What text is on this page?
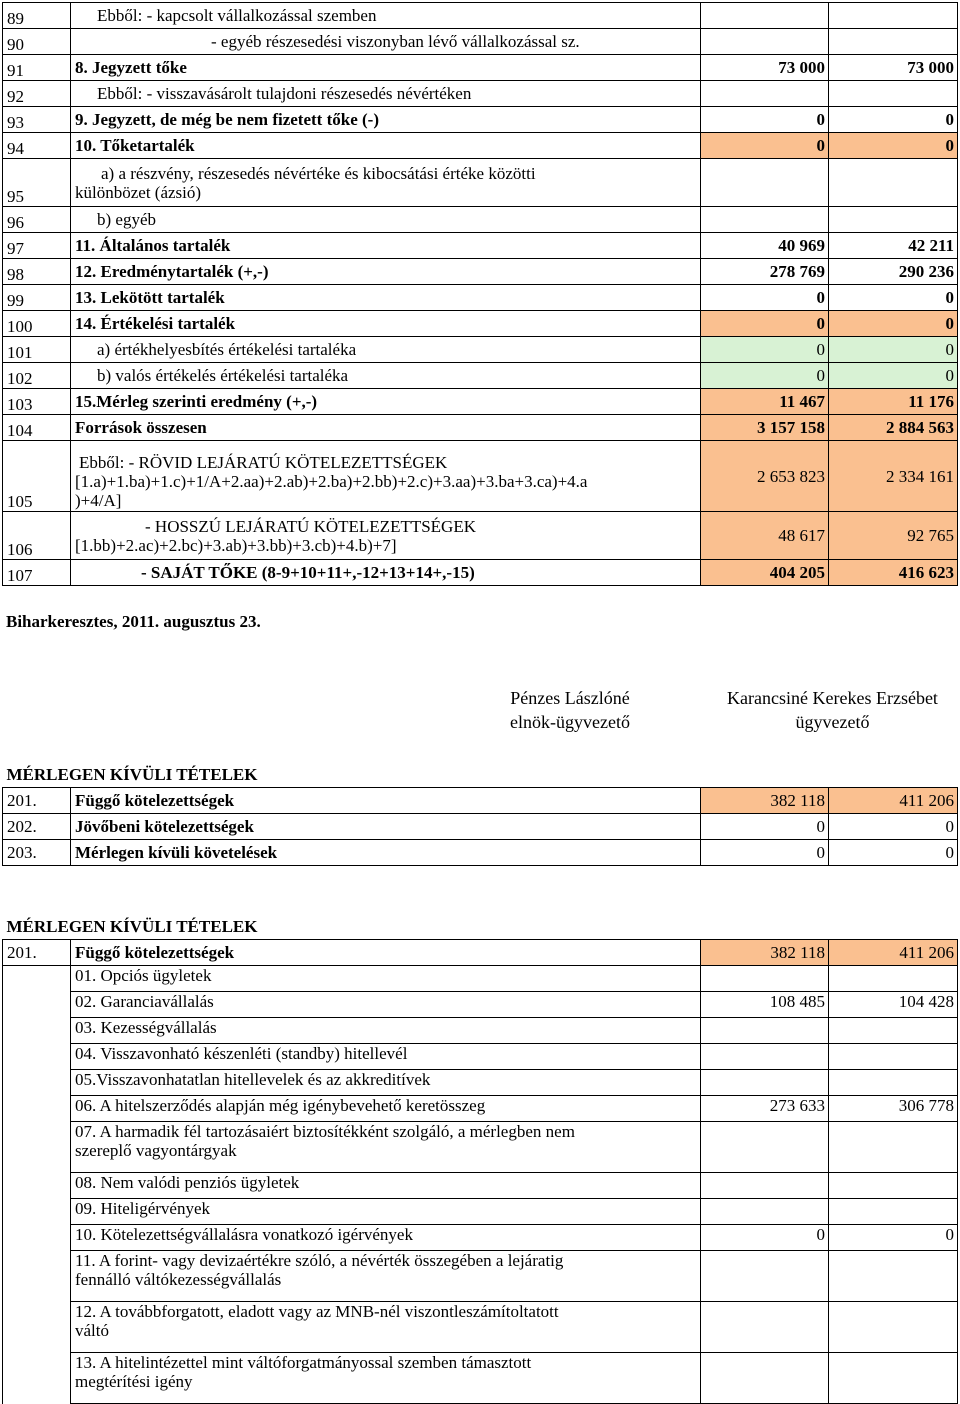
89	Ebből: - kapcsolt vállalkozással szemben		
90	- egyéb részesedési viszonyban lévő vállalkozással sz.		
91	8. Jegyzett tőke	73 000	73 000
92	Ebből: - visszavásárolt tulajdoni részesedés névértéken		
93	9. Jegyzett, de még be nem fizetett tőke (-)	0	0
94	10. Tőketartalék	0	0
95	a) a részvény, részesedés névértéke és kibocsátási értéke közötti
különbözet (ázsió)		

96	b) egyéb		
97	11. Általános tartalék	40 969	42 211
98	12. Eredménytartalék (+,-)	278 769	290 236
99	13. Lekötött tartalék	0	0
100	14. Értékelési tartalék	0	0
101	a) értékhelyesbítés értékelési tartaléka	0	0
102	b) valós értékelés értékelési tartaléka	0	0
103	15.Mérleg szerinti eredmény (+,-)	11 467	11 176
104	Források összesen	3 157 158	2 884 563
105	Ebből: - RÖVID LEJÁRATÚ KÖTELEZETTSÉGEK
[1.a)+1.ba)+1.c)+1/A+2.aa)+2.ab)+2.ba)+2.bb)+2.c)+3.aa)+3.ba+3.ca)+4.a
)+4/A]	2 653 823	2 334 161
106	- HOSSZÚ LEJÁRATÚ KÖTELEZETTSÉGEK
[1.bb)+2.ac)+2.bc)+3.ab)+3.bb)+3.cb)+4.b)+7]	48 617	92 765
107	- SAJÁT TŐKE (8-9+10+11+,-12+13+14+,-15)	404 205	416 623
Biharkeresztes, 2011. augusztus 23.
Pénzes Lászlóné
elnök-ügyvezető
Karancsiné Kerekes Erzsébet
ügyvezető
MÉRLEGEN KÍVÜLI TÉTELEK			
201.	Függő kötelezettségek	382 118	411 206
202.	Jövőbeni kötelezettségek	0	0
203.	Mérlegen kívüli követelések	0	0
MÉRLEGEN KÍVÜLI TÉTELEK			
201.	Függő kötelezettségek	382 118	411 206

	01. Opciós ügyletek		

	02. Garanciavállalás	108 485	104 428

	03. Kezességvállalás		

	04. Visszavonható készenléti (standby) hitellevél		

	05.Visszavonhatatlan hitellevelek és az akkreditívek		

	06. A hitelszerződés alapján még igénybevehető keretösszeg	273 633	306 778

	07. A harmadik fél tartozásaiért biztosítékként szolgáló, a mérlegben nem
szereplő vagyontárgyak		

	08. Nem valódi penziós ügyletek		

	09. Hiteligérvények		

	10. Kötelezettségvállalásra vonatkozó igérvények	0	0

	11. A forint- vagy devizaértékre szóló, a névérték összegében a lejáratig
fennálló váltókezességvállalás		

	12. A továbbforgatott, eladott vagy az MNB-nél viszontleszámítoltatott
váltó		

	13. A hitelintézettel mint váltóforgatmányossal szemben támasztott
megtérítési igény		
